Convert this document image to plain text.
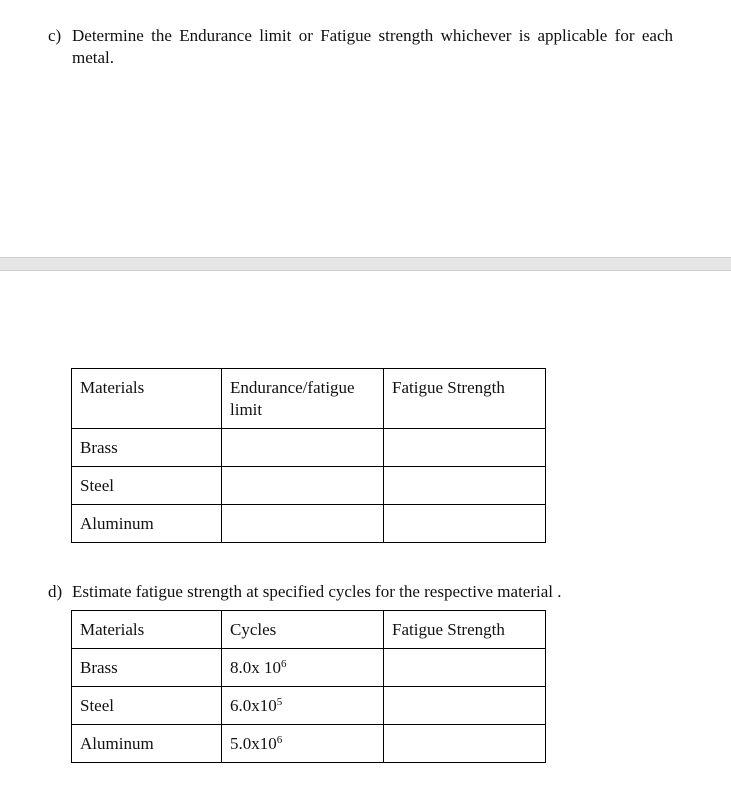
c) Determine the Endurance limit or Fatigue strength whichever is applicable for each metal.
Materials	Endurance/fatigue limit	Fatigue Strength
Brass		
Steel		
Aluminum		
d) Estimate fatigue strength at specified cycles for the respective material .
Materials	Cycles	Fatigue Strength
Brass	8.0x $10^6$	
Steel	$6.0x10^5$	
Aluminum	$5.0x10^6$	
